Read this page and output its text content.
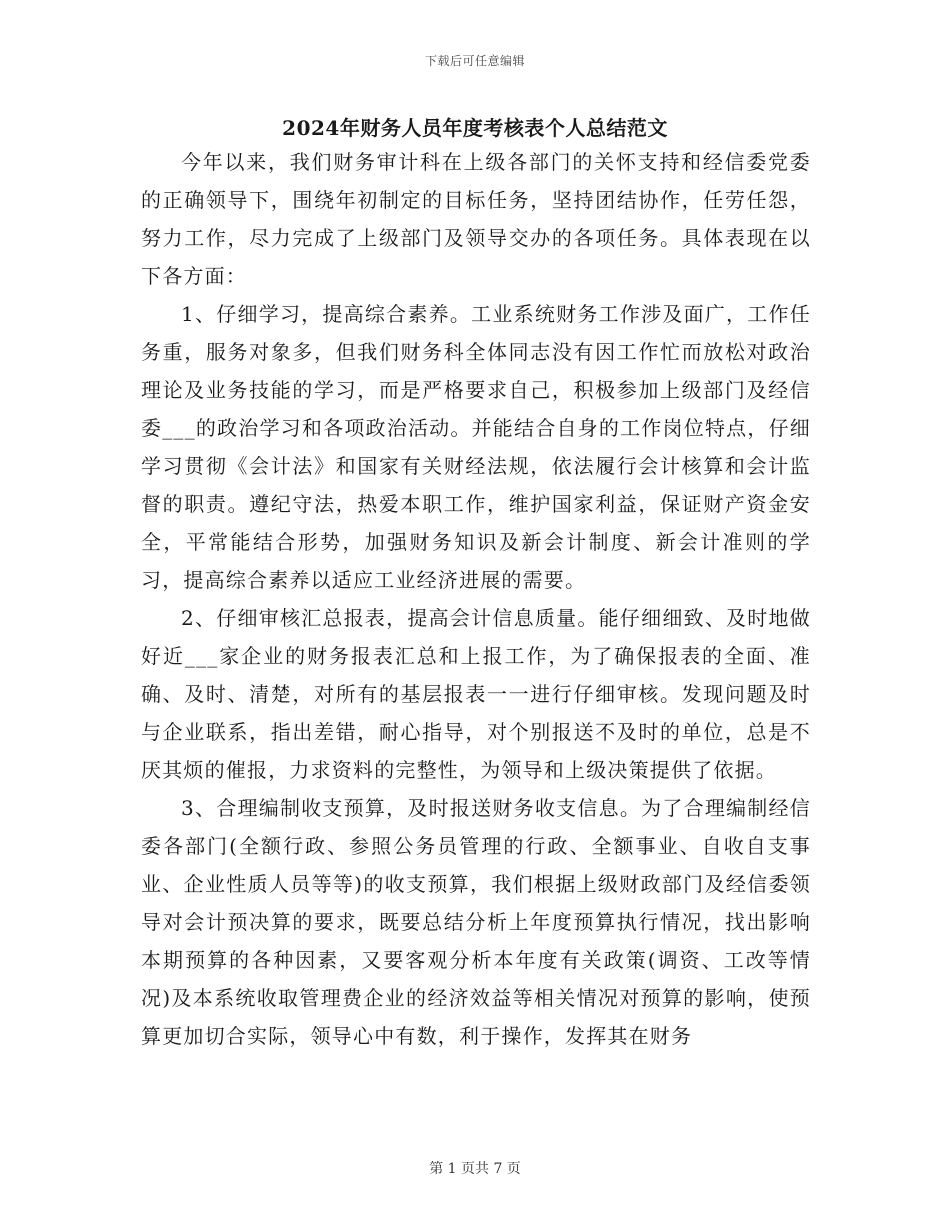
下载后可任意编辑
2024年财务人员年度考核表个人总结范文

今年以来，我们财务审计科在上级各部门的关怀支持和经信委党委的正确领导下，围绕年初制定的目标任务，坚持团结协作，任劳任怨，努力工作，尽力完成了上级部门及领导交办的各项任务。具体表现在以下各方面：

1、仔细学习，提高综合素养。工业系统财务工作涉及面广，工作任务重，服务对象多，但我们财务科全体同志没有因工作忙而放松对政治理论及业务技能的学习，而是严格要求自己，积极参加上级部门及经信委___的政治学习和各项政治活动。并能结合自身的工作岗位特点，仔细学习贯彻《会计法》和国家有关财经法规，依法履行会计核算和会计监督的职责。遵纪守法，热爱本职工作，维护国家利益，保证财产资金安全，平常能结合形势，加强财务知识及新会计制度、新会计准则的学习，提高综合素养以适应工业经济进展的需要。

2、仔细审核汇总报表，提高会计信息质量。能仔细细致、及时地做好近___家企业的财务报表汇总和上报工作，为了确保报表的全面、准确、及时、清楚，对所有的基层报表一一进行仔细审核。发现问题及时与企业联系，指出差错，耐心指导，对个别报送不及时的单位，总是不厌其烦的催报，力求资料的完整性，为领导和上级决策提供了依据。

3、合理编制收支预算，及时报送财务收支信息。为了合理编制经信委各部门(全额行政、参照公务员管理的行政、全额事业、自收自支事业、企业性质人员等等)的收支预算，我们根据上级财政部门及经信委领导对会计预决算的要求，既要总结分析上年度预算执行情况，找出影响本期预算的各种因素，又要客观分析本年度有关政策(调资、工改等情况)及本系统收取管理费企业的经济效益等相关情况对预算的影响，使预算更加切合实际，领导心中有数，利于操作，发挥其在财务

第 1 页共 7 页
